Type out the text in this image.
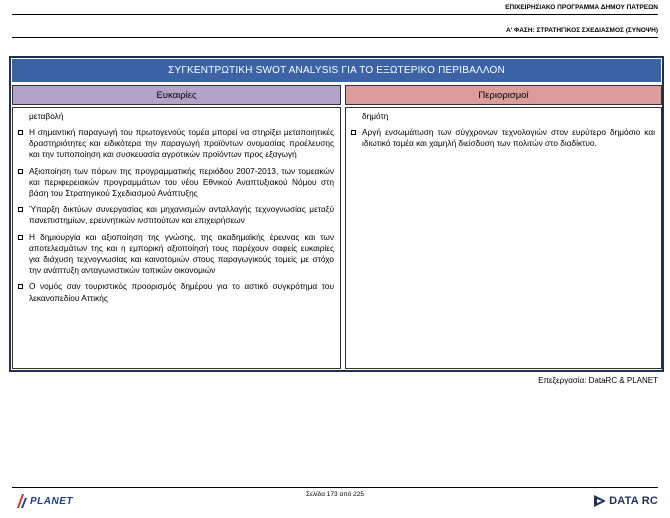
ΕΠΙΧΕΙΡΗΣΙΑΚΟ ΠΡΟΓΡΑΜΜΑ ΔΗΜΟΥ ΠΑΤΡΕΩΝ
Α' ΦΑΣΗ: ΣΤΡΑΤΗΓΙΚΟΣ ΣΧΕΔΙΑΣΜΟΣ (ΣΥΝΟΨΗ)
ΣΥΓΚΕΝΤΡΩΤΙΚΗ SWOT ANALYSIS ΓΙΑ ΤΟ ΕΞΩΤΕΡΙΚΟ ΠΕΡΙΒΑΛΛΟΝ
Ευκαιρίες	Περιορισμοί
μεταβολή
Η σημαντική παραγωγή του πρωτογενούς τομέα μπορεί να στηρίξει μεταποιητικές δραστηριότητες και ειδικότερα την παραγωγή προϊόντων ονομασίας προέλευσης και την τυποποίηση και συσκευασία αγροτικών προϊόντων προς εξαγωγή
Αξιοποίηση των πόρων της προγραμματικής περιόδου 2007-2013, των τομεακών και περιφερειακών προγραμμάτων του νέου Εθνικού Αναπτυξιακού Νόμου στη βάση του Στρατηγικού Σχεδιασμού Ανάπτυξης
Ύπαρξη δικτύων συνεργασίας και μηχανισμών ανταλλαγής τεχνογνωσίας μεταξύ πανεπιστημίων, ερευνητικών ινστιτούτων και επιχειρήσεων
Η δημιουργία και αξιοποίηση της γνώσης, της ακαδημαϊκής έρευνας και των αποτελεσμάτων της και η εμπορική αξιοποίησή τους παρέχουν σαφείς ευκαιρίες για διάχυση τεχνογνωσίας και καινοτομιών στους παραγωγικούς τομείς με στόχο την ανάπτυξη ανταγωνιστικών τοπικών οικονομιών
Ο νομός σαν τουριστικός προορισμός δημέρου για το αστικό συγκρότημα του λεκανοπεδίου Αττικής
δημότη
Αργή ενσωμάτωση των σύγχρονων τεχνολογιών στον ευρύτερο δημόσιο και ιδιωτικό τομέα και χαμηλή διείσδυση των πολιτών στο διαδίκτυο.
Επεξεργασία: DataRC & PLANET
Σελίδα 173 από 225
PLANET	DATA RC
